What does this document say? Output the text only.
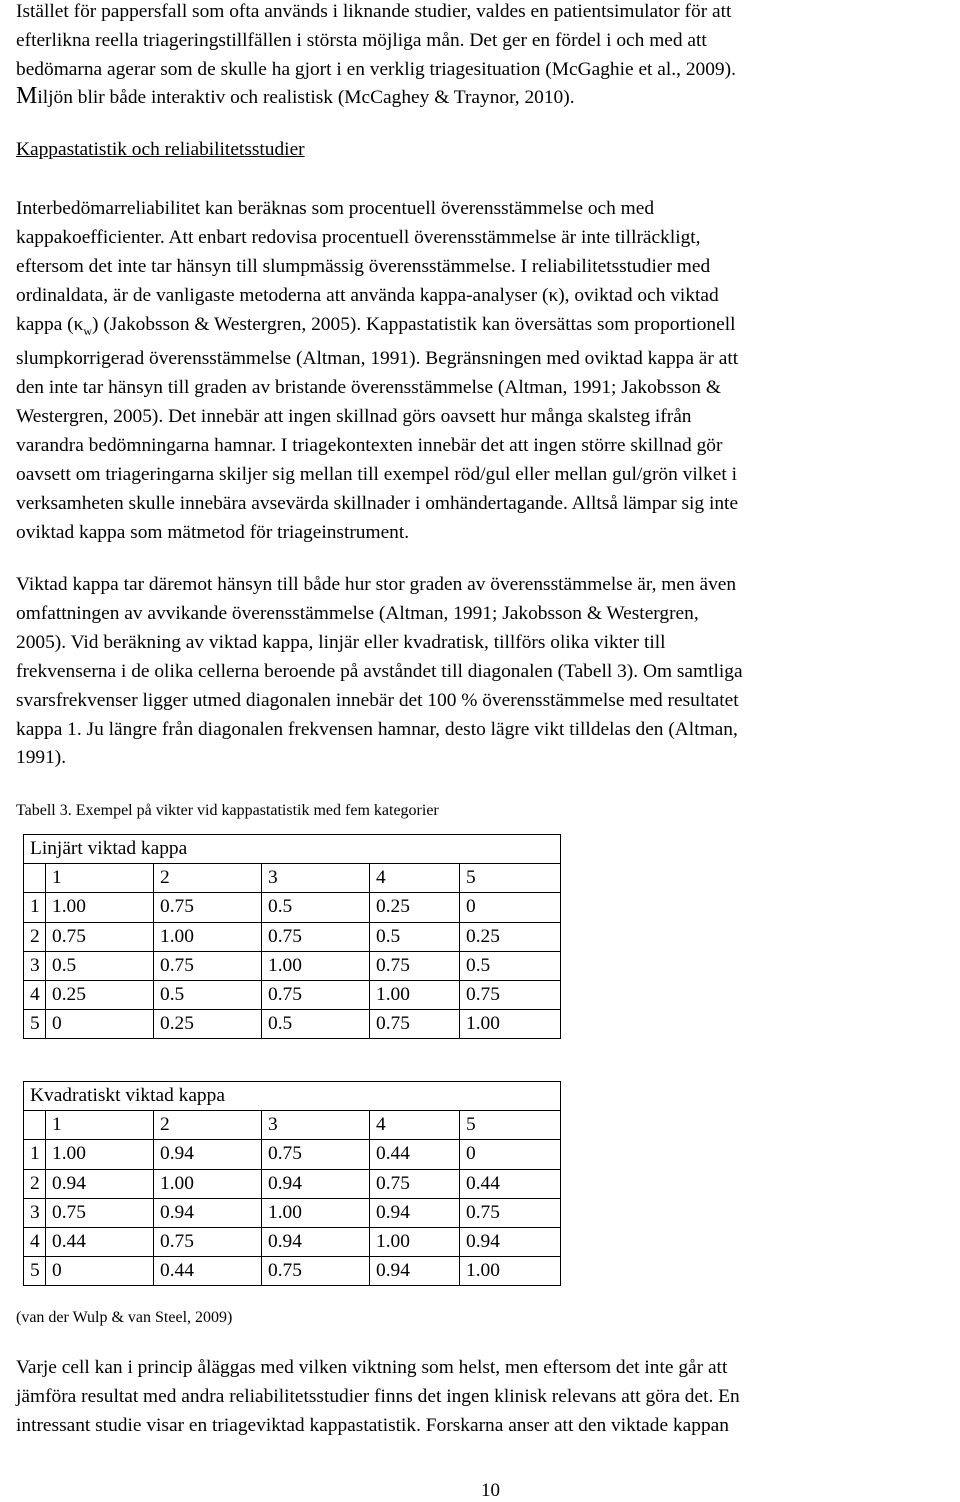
Istället för pappersfall som ofta används i liknande studier, valdes en patientsimulator för att
efterlikna reella triageringstillfällen i största möjliga mån. Det ger en fördel i och med att
bedömarna agerar som de skulle ha gjort i en verklig triagesituation (McGaghie et al., 2009).

Miljön blir både interaktiv och realistisk (McCaghey & Traynor, 2010).
Kappastatistik och reliabilitetsstudier

Interbedömarreliabilitet kan beräknas som procentuell överensstämmelse och med
kappakoefficienter. Att enbart redovisa procentuell överensstämmelse är inte tillräckligt,
eftersom det inte tar hänsyn till slumpmässig överensstämmelse. I reliabilitetsstudier med
ordinaldata, är de vanligaste metoderna att använda kappa-analyser (κ), oviktad och viktad
kappa $(\kappa_w)$ (Jakobsson & Westergren, 2005). Kappastatistik kan översättas som proportionell
slumpkorrigerad överensstämmelse (Altman, 1991). Begränsningen med oviktad kappa är att
den inte tar hänsyn till graden av bristande överensstämmelse (Altman, 1991; Jakobsson &
Westergren, 2005). Det innebär att ingen skillnad görs oavsett hur många skalsteg ifrån
varandra bedömningarna hamnar. I triagekontexten innebär det att ingen större skillnad gör
oavsett om triageringarna skiljer sig mellan till exempel röd/gul eller mellan gul/grön vilket i
verksamheten skulle innebära avsevärda skillnader i omhändertagande. Alltså lämpar sig inte
oviktad kappa som mätmetod för triageinstrument.

Viktad kappa tar däremot hänsyn till både hur stor graden av överensstämmelse är, men även
omfattningen av avvikande överensstämmelse (Altman, 1991; Jakobsson & Westergren,
2005). Vid beräkning av viktad kappa, linjär eller kvadratisk, tillförs olika vikter till
frekvenserna i de olika cellerna beroende på avståndet till diagonalen (Tabell 3). Om samtliga
svarsfrekvenser ligger utmed diagonalen innebär det 100 % överensstämmelse med resultatet
kappa 1. Ju längre från diagonalen frekvensen hamnar, desto lägre vikt tilldelas den (Altman,
1991).

Tabell 3. Exempel på vikter vid kappastatistik med fem kategorier
Linjärt viktad kappa					
	1	2	3	4	5
1	1.00	0.75	0.5	0.25	0
2	0.75	1.00	0.75	0.5	0.25
3	0.5	0.75	1.00	0.75	0.5
4	0.25	0.5	0.75	1.00	0.75
5	0	0.25	0.5	0.75	1.00
Kvadratiskt viktad kappa					
	1	2	3	4	5
1	1.00	0.94	0.75	0.44	0
2	0.94	1.00	0.94	0.75	0.44
3	0.75	0.94	1.00	0.94	0.75
4	0.44	0.75	0.94	1.00	0.94
5	0	0.44	0.75	0.94	1.00
(van der Wulp & van Steel, 2009)

Varje cell kan i princip åläggas med vilken viktning som helst, men eftersom det inte går att
jämföra resultat med andra reliabilitetsstudier finns det ingen klinisk relevans att göra det. En
intressant studie visar en triageviktad kappastatistik. Forskarna anser att den viktade kappan

10
